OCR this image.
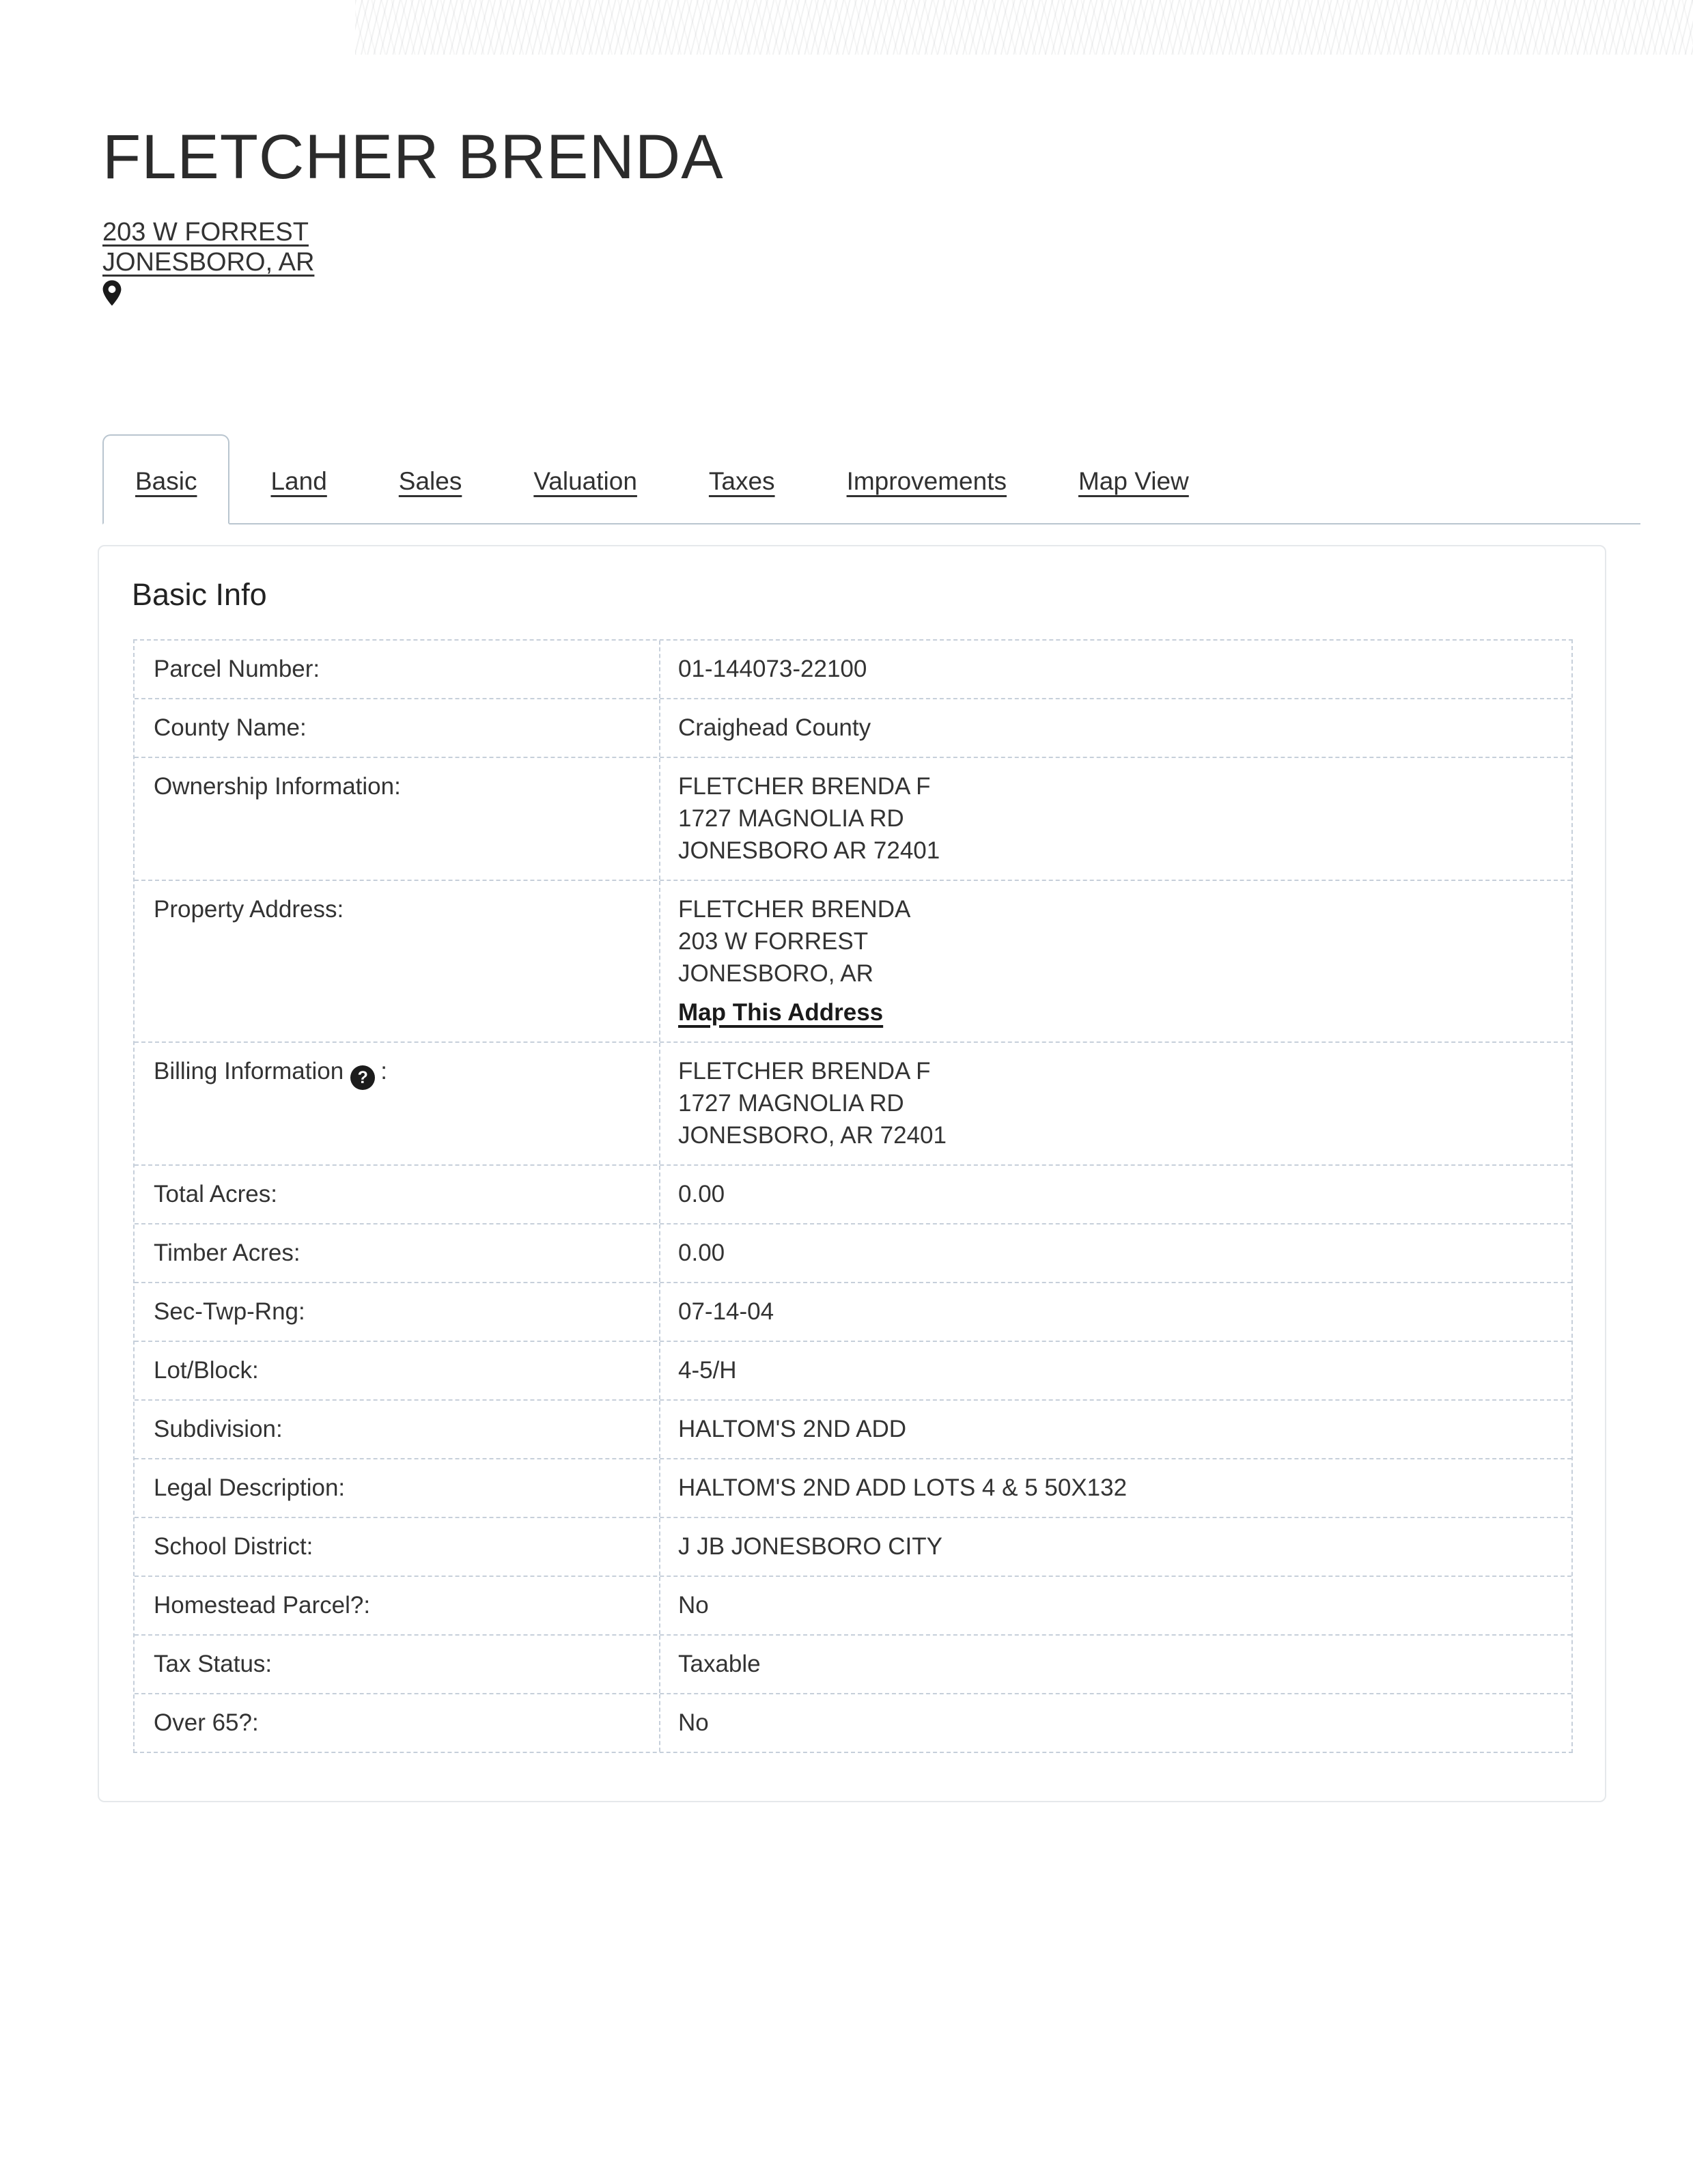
FLETCHER BRENDA
203 W FORREST
JONESBORO, AR
Basic	Land	Sales	Valuation	Taxes	Improvements	Map View
Basic Info
Parcel Number:	01-144073-22100
County Name:	Craighead County
Ownership Information:	FLETCHER BRENDA F
1727 MAGNOLIA RD
JONESBORO AR 72401
Property Address:	FLETCHER BRENDA
203 W FORREST
JONESBORO, AR
Map This Address
Billing Information ? :	FLETCHER BRENDA F
1727 MAGNOLIA RD
JONESBORO, AR 72401
Total Acres:	0.00
Timber Acres:	0.00
Sec-Twp-Rng:	07-14-04
Lot/Block:	4-5/H
Subdivision:	HALTOM'S 2ND ADD
Legal Description:	HALTOM'S 2ND ADD LOTS 4 & 5 50X132
School District:	J JB JONESBORO CITY
Homestead Parcel?:	No
Tax Status:	Taxable
Over 65?:	No
